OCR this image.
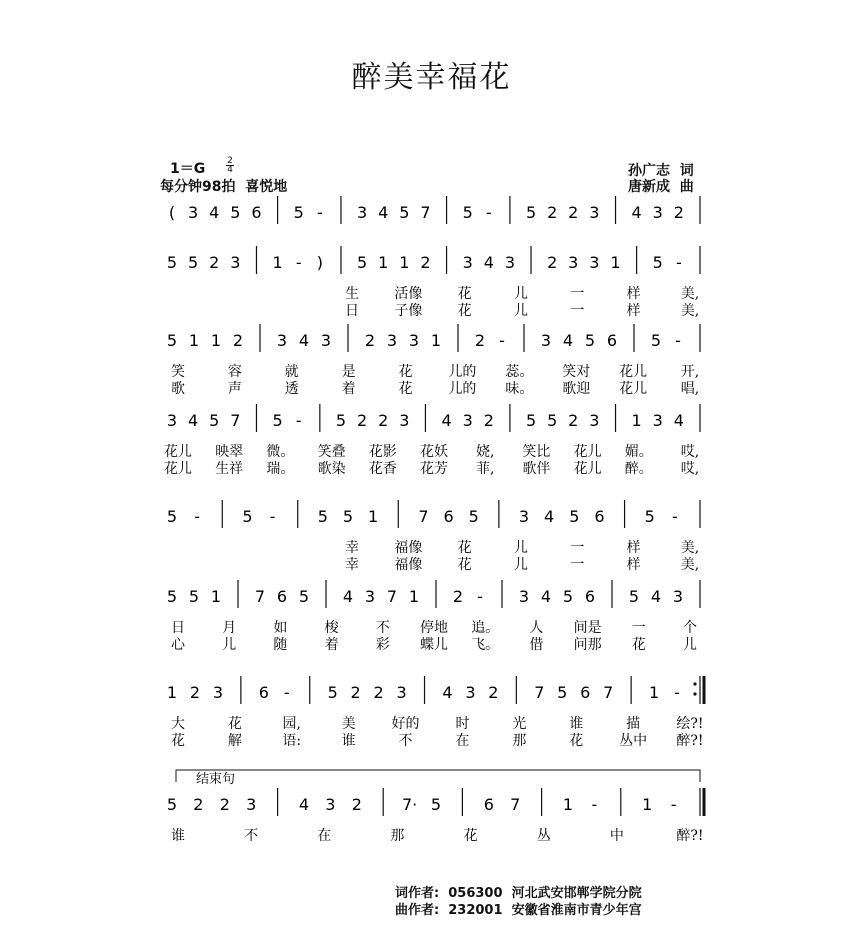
醉美幸福花
$1=G \frac{2}{4}$
每分钟98拍  喜悦地
孙广志  词
唐新成  曲
( 3 4 5 6 5 - 3 4 5 7 5 - 5 2 2 3 4 3 2
5 5 2 3 1 - ) 5 1 1 2 3 4 3 2 3 3 1 5 -
生	活像	花	儿	一	样	美,
日	子像	花	儿	一	样	美,
5 1 1 2 3 4 3 2 3 3 1 2 - 3 4 5 6 5 -
笑	容	就	是	花	儿的 蕊。 笑对 花儿 开,
歌	声	透	着	花	儿的 味。 歌迎 花儿 唱,
3 4 5 7 5 - 5 2 2 3 4 3 2 5 5 2 3 1 3 4
花儿 映翠 微。 笑叠 花影 花妖 娆, 笑比 花儿 媚。 哎,
花儿 生祥 瑞。 歌染 花香 花芳 菲, 歌伴 花儿 醉。 哎,
5 -	5 -	5 5 1	7 6 5	3 4 5 6	5 -
幸	福像	花	儿	一	样	美,
幸	福像	花	儿	一	样	美,
5 5 1 7 6 5 4 3 7 1 2 - 3 4 5 6 5 4 3
日	月	如	梭	不 停地 追。 人 间是 一	个
心	儿	随	着	彩 蝶儿 飞。 借 问那 花	儿
1 2 3 6 - 5 2 2 3 4 3 2 7 5 6 7 1 -
大	花	园,	美	好的	时	光	谁	描	绘?!
花	解	语:	谁	不	在	那	花	丛中 醉?!
5 2 2 3	4 3 2	7· 5	6 7	1 -	1 -
谁	不	在	那	花	丛	中	醉?!
结束句
词作者:  056300  河北武安邯郸学院分院
曲作者:  232001  安徽省淮南市青少年宫
